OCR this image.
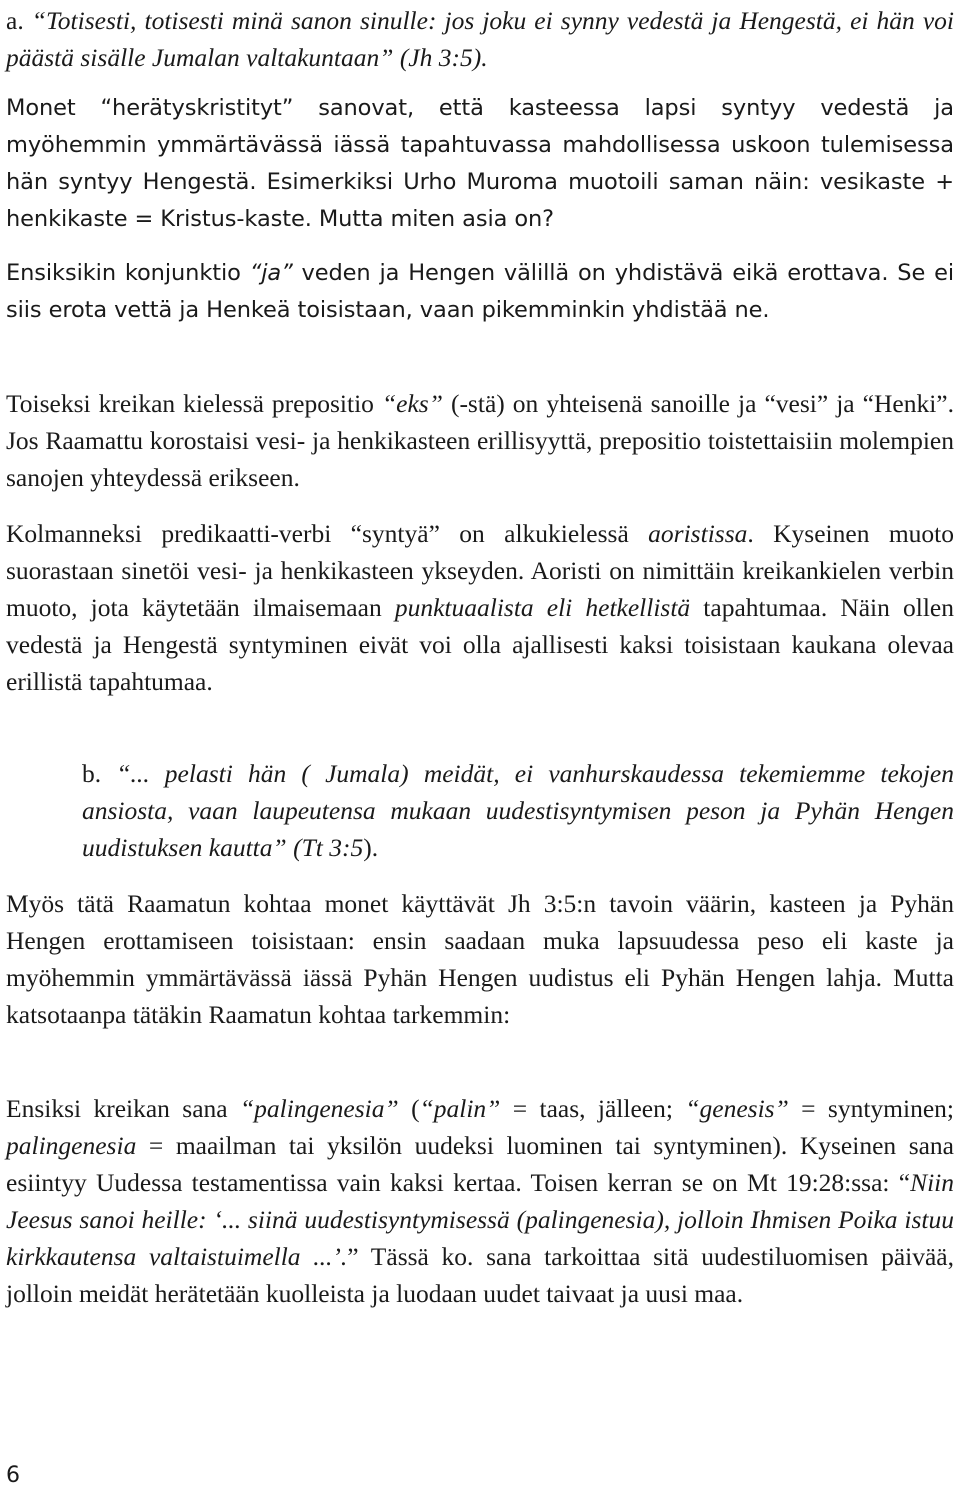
a. “Totisesti, totisesti minä sanon sinulle: jos joku ei synny vedestä ja Hengestä, ei hän voi päästä sisälle Jumalan valtakuntaan” (Jh 3:5).

Monet “herätyskristityt” sanovat, että kasteessa lapsi syntyy vedestä ja myöhemmin ymmärtävässä iässä tapahtuvassa mahdollisessa uskoon tulemisessa hän syntyy Hengestä. Esimerkiksi Urho Muroma muotoili saman näin: vesikaste + henkikaste = Kristus-kaste. Mutta miten asia on?

Ensiksikin konjunktio “ja” veden ja Hengen välillä on yhdistävä eikä erottava. Se ei siis erota vettä ja Henkeä toisistaan, vaan pikemminkin yhdistää ne.

Toiseksi kreikan kielessä prepositio “eks” (-stä) on yhteisenä sanoille ja “vesi” ja “Henki”. Jos Raamattu korostaisi vesi- ja henkikasteen erillisyyttä, prepositio toistettaisiin molempien sanojen yhteydessä erikseen.

Kolmanneksi predikaatti-verbi “syntyä” on alkukielessä aoristissa. Kyseinen muoto suorastaan sinetöi vesi- ja henkikasteen ykseyden. Aoristi on nimittäin kreikankielen verbin muoto, jota käytetään ilmaisemaan punktuaalista eli hetkellistä tapahtumaa. Näin ollen vedestä ja Hengestä syntyminen eivät voi olla ajallisesti kaksi toisistaan kaukana olevaa erillistä tapahtumaa.

b. “... pelasti hän ( Jumala) meidät, ei vanhurskaudessa tekemiemme tekojen ansiosta, vaan laupeutensa mukaan uudestisyntymisen peson ja Pyhän Hengen uudistuksen kautta” (Tt 3:5).

Myös tätä Raamatun kohtaa monet käyttävät Jh 3:5:n tavoin väärin, kasteen ja Pyhän Hengen erottamiseen toisistaan: ensin saadaan muka lapsuudessa peso eli kaste ja myöhemmin ymmärtävässä iässä Pyhän Hengen uudistus eli Pyhän Hengen lahja. Mutta katsotaanpa tätäkin Raamatun kohtaa tarkemmin:

Ensiksi kreikan sana “palingenesia” (“palin” = taas, jälleen; “genesis” = syntyminen; palingenesia = maailman tai yksilön uudeksi luominen tai syntyminen). Kyseinen sana esiintyy Uudessa testamentissa vain kaksi kertaa. Toisen kerran se on Mt 19:28:ssa: “Niin Jeesus sanoi heille: ‘... siinä uudestisyntymisessä (palingenesia), jolloin Ihmisen Poika istuu kirkkautensa valtaistuimella ...’.” Tässä ko. sana tarkoittaa sitä uudestiluomisen päivää, jolloin meidät herätetään kuolleista ja luodaan uudet taivaat ja uusi maa.

6
